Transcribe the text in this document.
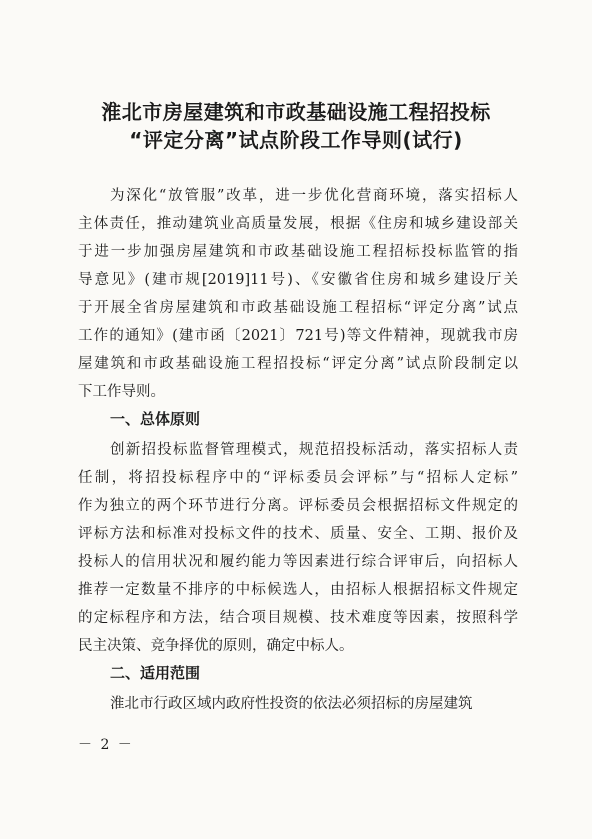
淮北市房屋建筑和市政基础设施工程招投标
“评定分离”试点阶段工作导则(试行)
为深化“放管服”改革，进一步优化营商环境，落实招标人
主体责任，推动建筑业高质量发展，根据《住房和城乡建设部关
于进一步加强房屋建筑和市政基础设施工程招标投标监管的指
导意见》(建市规[2019]11号)、《安徽省住房和城乡建设厅关
于开展全省房屋建筑和市政基础设施工程招标“评定分离”试点
工作的通知》(建市函〔2021〕721号)等文件精神，现就我市房
屋建筑和市政基础设施工程招投标“评定分离”试点阶段制定以
下工作导则。
一、总体原则
创新招投标监督管理模式，规范招投标活动，落实招标人责
任制，将招投标程序中的“评标委员会评标”与“招标人定标”
作为独立的两个环节进行分离。评标委员会根据招标文件规定的
评标方法和标准对投标文件的技术、质量、安全、工期、报价及
投标人的信用状况和履约能力等因素进行综合评审后，向招标人
推荐一定数量不排序的中标候选人，由招标人根据招标文件规定
的定标程序和方法，结合项目规模、技术难度等因素，按照科学
民主决策、竞争择优的原则，确定中标人。
二、适用范围
淮北市行政区域内政府性投资的依法必须招标的房屋建筑
－ 2 －
